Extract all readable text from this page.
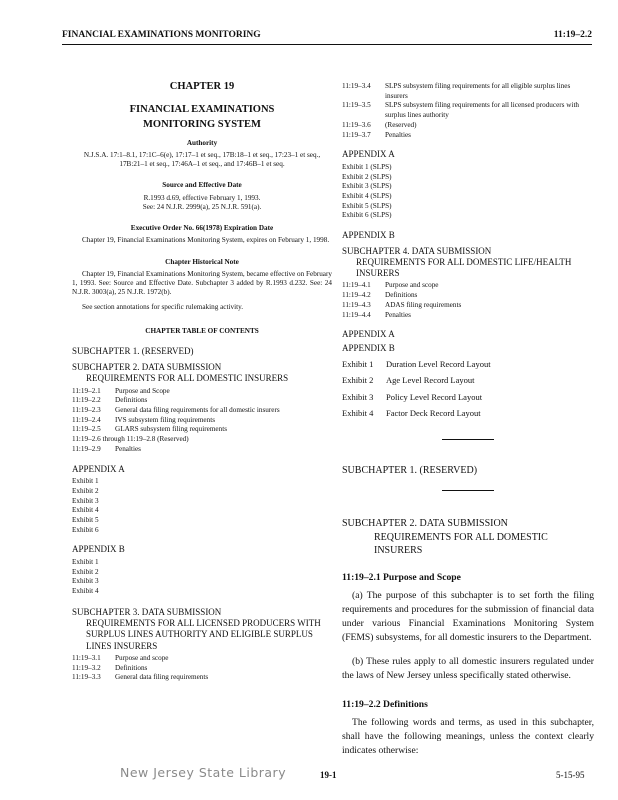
FINANCIAL EXAMINATIONS MONITORING	11:19–2.2
CHAPTER 19
FINANCIAL EXAMINATIONS MONITORING SYSTEM
Authority
N.J.S.A. 17:1–8.1, 17:1C–6(e), 17:17–1 et seq., 17B:18–1 et seq., 17:23–1 et seq., 17B:21–1 et seq., 17:46A–1 et seq., and 17:46B–1 et seq.
Source and Effective Date
R.1993 d.69, effective February 1, 1993.
See: 24 N.J.R. 2999(a), 25 N.J.R. 591(a).
Executive Order No. 66(1978) Expiration Date
Chapter 19, Financial Examinations Monitoring System, expires on February 1, 1998.
Chapter Historical Note
Chapter 19, Financial Examinations Monitoring System, became effective on February 1, 1993. See: Source and Effective Date. Subchapter 3 added by R.1993 d.232. See: 24 N.J.R. 3003(a), 25 N.J.R. 1972(b).
See section annotations for specific rulemaking activity.
CHAPTER TABLE OF CONTENTS
SUBCHAPTER 1. (RESERVED)
SUBCHAPTER 2. DATA SUBMISSION
REQUIREMENTS FOR ALL DOMESTIC INSURERS
11:19–2.1	Purpose and Scope
11:19–2.2	Definitions
11:19–2.3	General data filing requirements for all domestic insurers
11:19–2.4	IVS subsystem filing requirements
11:19–2.5	GLARS subsystem filing requirements
11:19–2.6 through 11:19–2.8 (Reserved)
11:19–2.9	Penalties
APPENDIX A
Exhibit 1
Exhibit 2
Exhibit 3
Exhibit 4
Exhibit 5
Exhibit 6
APPENDIX B
Exhibit 1
Exhibit 2
Exhibit 3
Exhibit 4
SUBCHAPTER 3. DATA SUBMISSION
REQUIREMENTS FOR ALL LICENSED PRODUCERS WITH SURPLUS LINES AUTHORITY AND ELIGIBLE SURPLUS LINES INSURERS
11:19–3.1	Purpose and scope
11:19–3.2	Definitions
11:19–3.3	General data filing requirements
11:19–3.4	SLPS subsystem filing requirements for all eligible surplus lines insurers
11:19–3.5	SLPS subsystem filing requirements for all licensed producers with surplus lines authority
11:19–3.6	(Reserved)
11:19–3.7	Penalties
APPENDIX A
Exhibit 1 (SLPS)
Exhibit 2 (SLPS)
Exhibit 3 (SLPS)
Exhibit 4 (SLPS)
Exhibit 5 (SLPS)
Exhibit 6 (SLPS)
APPENDIX B
SUBCHAPTER 4. DATA SUBMISSION
REQUIREMENTS FOR ALL DOMESTIC LIFE/HEALTH INSURERS
11:19–4.1	Purpose and scope
11:19–4.2	Definitions
11:19–4.3	ADAS filing requirements
11:19–4.4	Penalties
APPENDIX A
APPENDIX B
Exhibit 1	Duration Level Record Layout
Exhibit 2	Age Level Record Layout
Exhibit 3	Policy Level Record Layout
Exhibit 4	Factor Deck Record Layout
SUBCHAPTER 1. (RESERVED)
SUBCHAPTER 2. DATA SUBMISSION
REQUIREMENTS FOR ALL DOMESTIC INSURERS
11:19–2.1 Purpose and Scope
(a) The purpose of this subchapter is to set forth the filing requirements and procedures for the submission of financial data under various Financial Examinations Monitoring System (FEMS) subsystems, for all domestic insurers to the Department.
(b) These rules apply to all domestic insurers regulated under the laws of New Jersey unless specifically stated otherwise.
11:19–2.2 Definitions
The following words and terms, as used in this subchapter, shall have the following meanings, unless the context clearly indicates otherwise:
New Jersey State Library	19-1	5-15-95
